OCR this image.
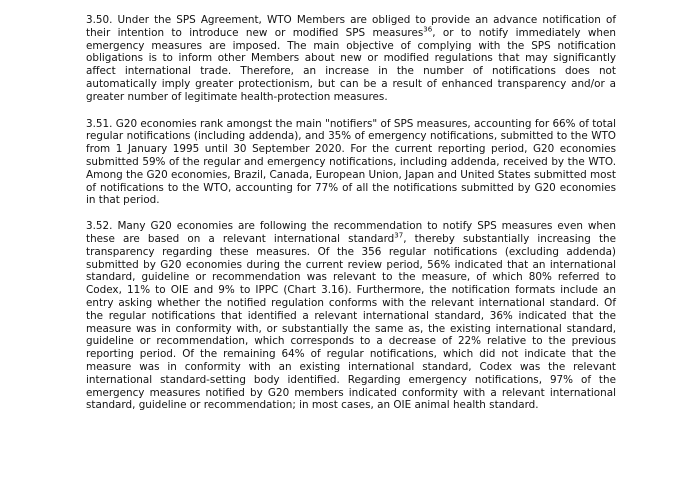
3.50. Under the SPS Agreement, WTO Members are obliged to provide an advance notification of their intention to introduce new or modified SPS measures$^{36}$, or to notify immediately when emergency measures are imposed. The main objective of complying with the SPS notification obligations is to inform other Members about new or modified regulations that may significantly affect international trade. Therefore, an increase in the number of notifications does not automatically imply greater protectionism, but can be a result of enhanced transparency and/or a greater number of legitimate health-protection measures.

3.51. G20 economies rank amongst the main "notifiers" of SPS measures, accounting for 66% of total regular notifications (including addenda), and 35% of emergency notifications, submitted to the WTO from 1 January 1995 until 30 September 2020. For the current reporting period, G20 economies submitted 59% of the regular and emergency notifications, including addenda, received by the WTO. Among the G20 economies, Brazil, Canada, European Union, Japan and United States submitted most of notifications to the WTO, accounting for 77% of all the notifications submitted by G20 economies in that period.

3.52. Many G20 economies are following the recommendation to notify SPS measures even when these are based on a relevant international standard$^{37}$, thereby substantially increasing the transparency regarding these measures. Of the 356 regular notifications (excluding addenda) submitted by G20 economies during the current review period, 56% indicated that an international standard, guideline or recommendation was relevant to the measure, of which 80% referred to Codex, 11% to OIE and 9% to IPPC (Chart 3.16). Furthermore, the notification formats include an entry asking whether the notified regulation conforms with the relevant international standard. Of the regular notifications that identified a relevant international standard, 36% indicated that the measure was in conformity with, or substantially the same as, the existing international standard, guideline or recommendation, which corresponds to a decrease of 22% relative to the previous reporting period. Of the remaining 64% of regular notifications, which did not indicate that the measure was in conformity with an existing international standard, Codex was the relevant international standard-setting body identified. Regarding emergency notifications, 97% of the emergency measures notified by G20 members indicated conformity with a relevant international standard, guideline or recommendation; in most cases, an OIE animal health standard.
